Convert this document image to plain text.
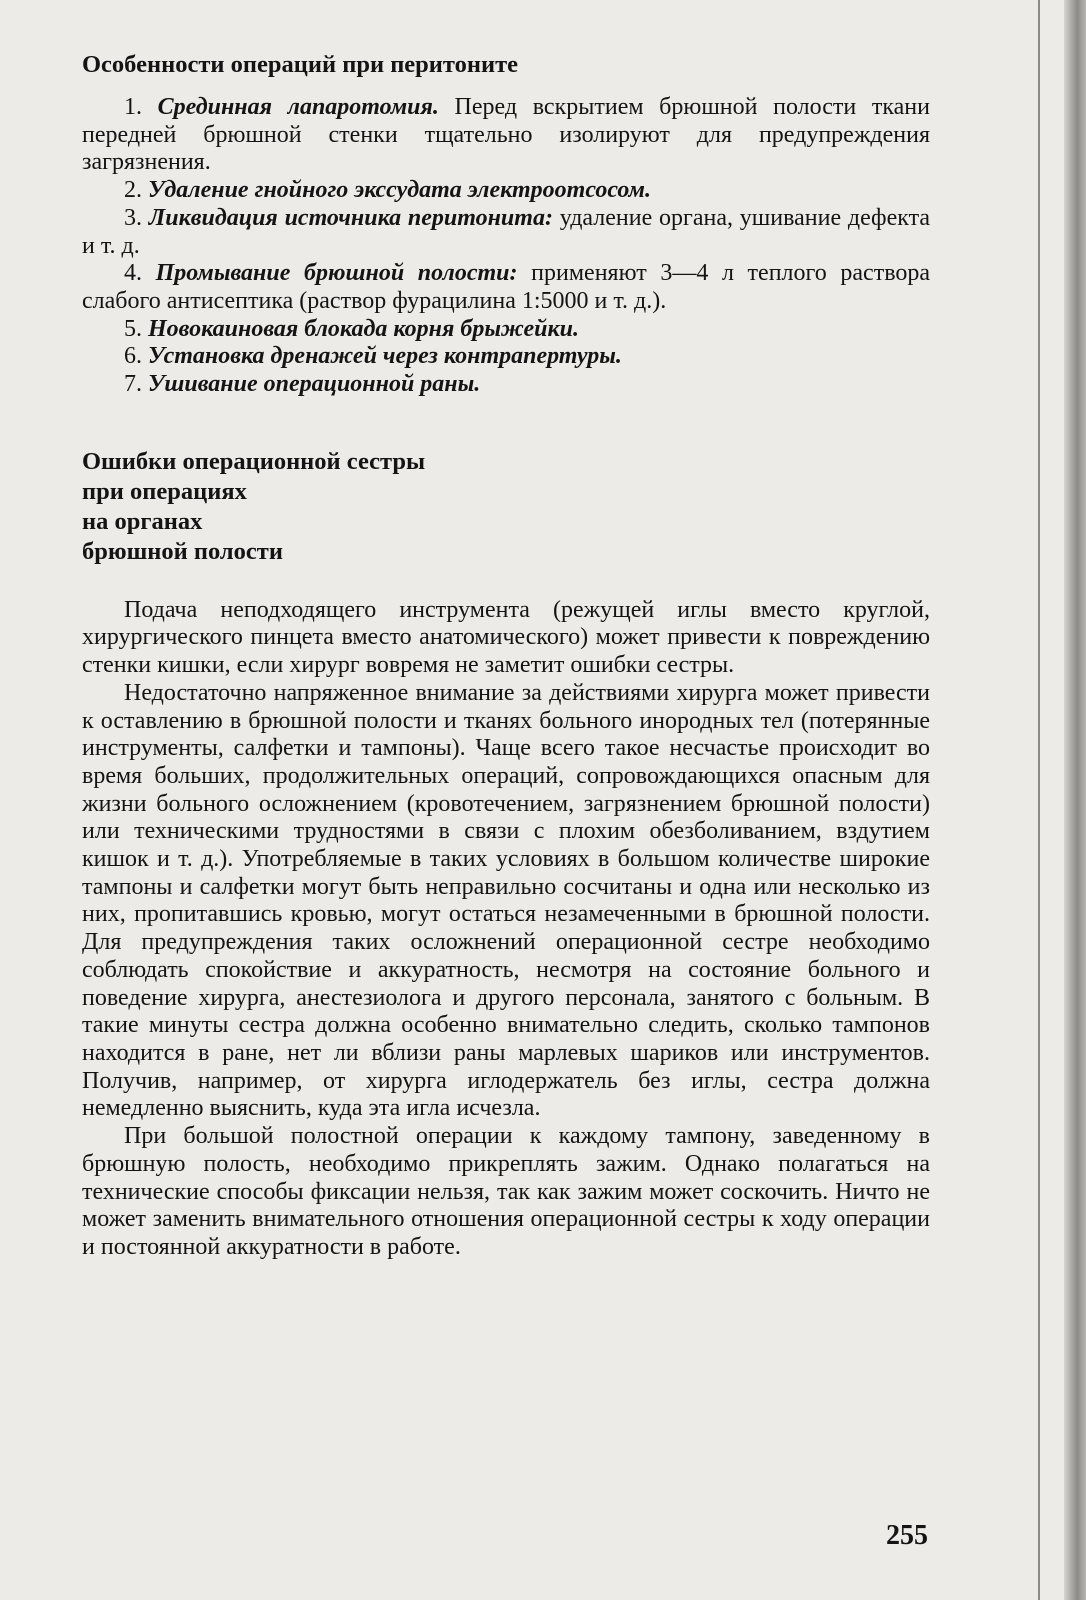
Особенности операций при перитоните
1. Срединная лапаротомия. Перед вскрытием брюшной полости ткани передней брюшной стенки тщательно изолируют для предупреждения загрязнения.
2. Удаление гнойного экссудата электроотсосом.
3. Ликвидация источника перитонита: удаление органа, ушивание дефекта и т. д.
4. Промывание брюшной полости: применяют 3—4 л теплого раствора слабого антисептика (раствор фурацилина 1:5000 и т. д.).
5. Новокаиновая блокада корня брыжейки.
6. Установка дренажей через контрапертуры.
7. Ушивание операционной раны.
Ошибки операционной сестры
при операциях
на органах
брюшной полости

Подача неподходящего инструмента (режущей иглы вместо круглой, хирургического пинцета вместо анатомического) может привести к повреждению стенки кишки, если хирург вовремя не заметит ошибки сестры.

Недостаточно напряженное внимание за действиями хирурга может привести к оставлению в брюшной полости и тканях больного инородных тел (потерянные инструменты, салфетки и тампоны). Чаще всего такое несчастье происходит во время больших, продолжительных операций, сопровождающихся опасным для жизни больного осложнением (кровотечением, загрязнением брюшной полости) или техническими трудностями в связи с плохим обезболиванием, вздутием кишок и т. д.). Употребляемые в таких условиях в большом количестве широкие тампоны и салфетки могут быть неправильно сосчитаны и одна или несколько из них, пропитавшись кровью, могут остаться незамеченными в брюшной полости. Для предупреждения таких осложнений операционной сестре необходимо соблюдать спокойствие и аккуратность, несмотря на состояние больного и поведение хирурга, анестезиолога и другого персонала, занятого с больным. В такие минуты сестра должна особенно внимательно следить, сколько тампонов находится в ране, нет ли вблизи раны марлевых шариков или инструментов. Получив, например, от хирурга иглодержатель без иглы, сестра должна немедленно выяснить, куда эта игла исчезла.

При большой полостной операции к каждому тампону, заведенному в брюшную полость, необходимо прикреплять зажим. Однако полагаться на технические способы фиксации нельзя, так как зажим может соскочить. Ничто не может заменить внимательного отношения операционной сестры к ходу операции и постоянной аккуратности в работе.

255
